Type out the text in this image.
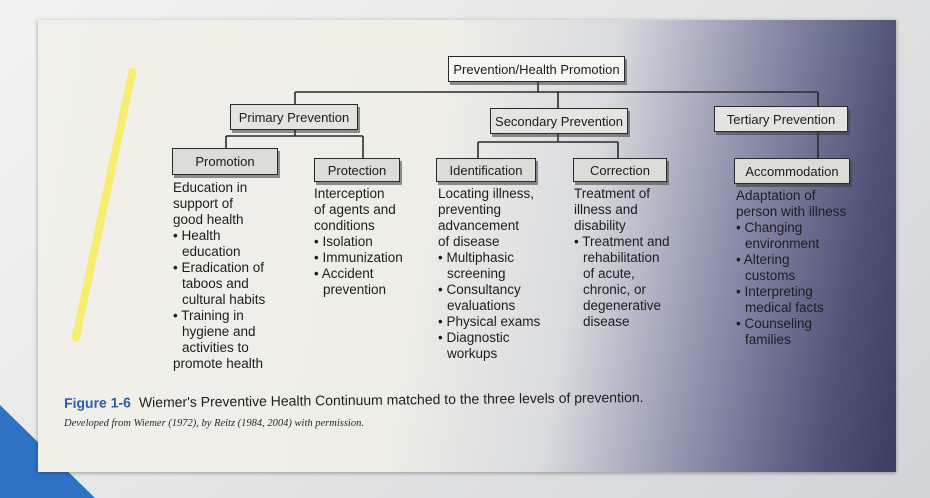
Prevention/Health Promotion
Primary Prevention	Secondary Prevention	Tertiary Prevention
Promotion
Protection	Identification	Correction	Accommodation

Education in

support of

good health

• Health

education

• Eradication of

taboos and

cultural habits

• Training in

hygiene and

activities to

promote health

Interception

of agents and

conditions

• Isolation

• Immunization

• Accident

prevention

Locating illness,

preventing

advancement

of disease

• Multiphasic

screening

• Consultancy

evaluations

• Physical exams

• Diagnostic

workups

Treatment of

illness and

disability

• Treatment and

rehabilitation

of acute,

chronic, or

degenerative

disease

Adaptation of

person with illness

• Changing

environment

• Altering

customs

• Interpreting

medical facts

• Counseling

families

Figure 1-6 Wiemer's Preventive Health Continuum matched to the three levels of prevention.
Developed from Wiemer (1972), by Reitz (1984, 2004) with permission.
